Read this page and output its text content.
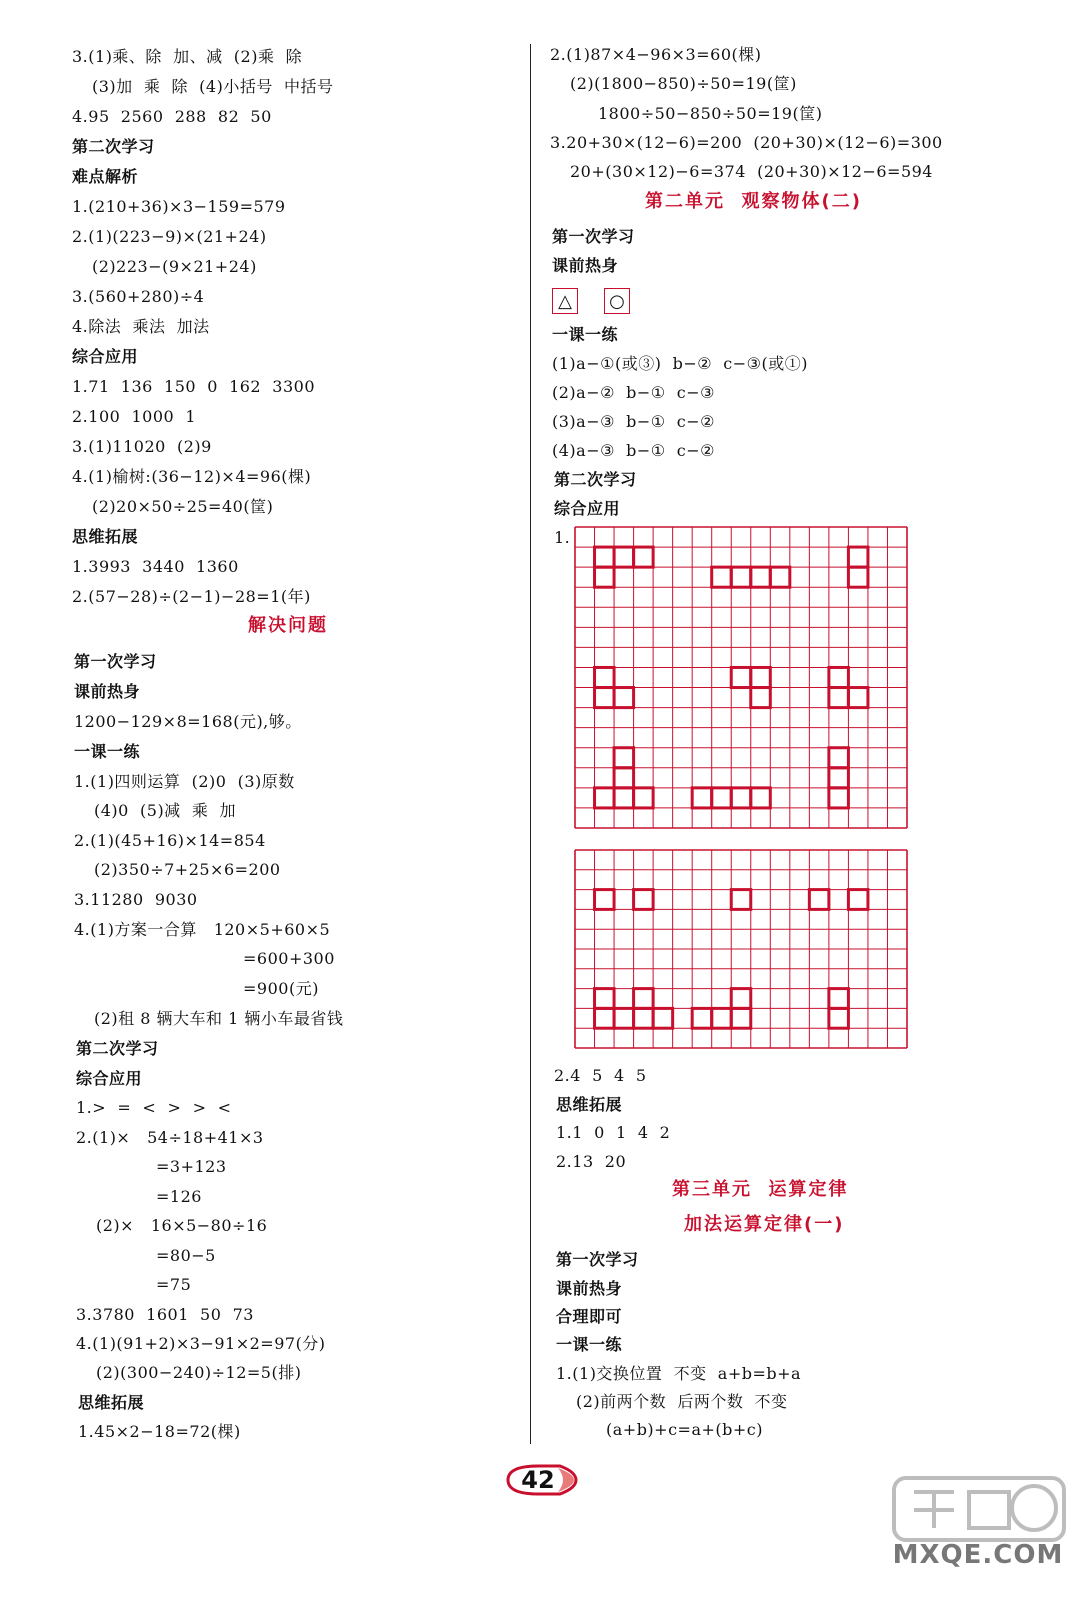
3.(1)乘、除  加、减  (2)乘  除
(3)加  乘  除  (4)小括号  中括号
4.95  2560  288  82  50
第二次学习
难点解析
1.(210+36)×3−159=579
2.(1)(223−9)×(21+24)
(2)223−(9×21+24)
3.(560+280)÷4
4.除法  乘法  加法
综合应用
1.71  136  150  0  162  3300
2.100  1000  1
3.(1)11020  (2)9
4.(1)榆树:(36−12)×4=96(棵)
(2)20×50÷25=40(筐)
思维拓展
1.3993  3440  1360
2.(57−28)÷(2−1)−28=1(年)
解决问题
第一次学习
课前热身
1200−129×8=168(元),够。
一课一练
1.(1)四则运算  (2)0  (3)原数
(4)0  (5)减  乘  加
2.(1)(45+16)×14=854
(2)350÷7+25×6=200
3.11280  9030
4.(1)方案一合算   120×5+60×5
=600+300
=900(元)
(2)租 8 辆大车和 1 辆小车最省钱
第二次学习
综合应用
1.>  =  <  >  >  <
2.(1)×   54÷18+41×3
=3+123
=126
(2)×   16×5−80÷16
=80−5
=75
3.3780  1601  50  73
4.(1)(91+2)×3−91×2=97(分)
(2)(300−240)÷12=5(排)
思维拓展
1.45×2−18=72(棵)
2.(1)87×4−96×3=60(棵)
(2)(1800−850)÷50=19(筐)
1800÷50−850÷50=19(筐)
3.20+30×(12−6)=200  (20+30)×(12−6)=300
20+(30×12)−6=374  (20+30)×12−6=594
第二单元  观察物体(二)
第一次学习
课前热身
一课一练
(1)a−①(或③)  b−②  c−③(或①)
(2)a−②  b−①  c−③
(3)a−③  b−①  c−②
(4)a−③  b−①  c−②
第二次学习
综合应用
1.
2.4  5  4  5
思维拓展
1.1  0  1  4  2
2.13  20
第三单元  运算定律
加法运算定律(一)
第一次学习
课前热身
合理即可
一课一练
1.(1)交换位置  不变  a+b=b+a
(2)前两个数  后两个数  不变
(a+b)+c=a+(b+c)
△ ○
42
MXQE.COM
